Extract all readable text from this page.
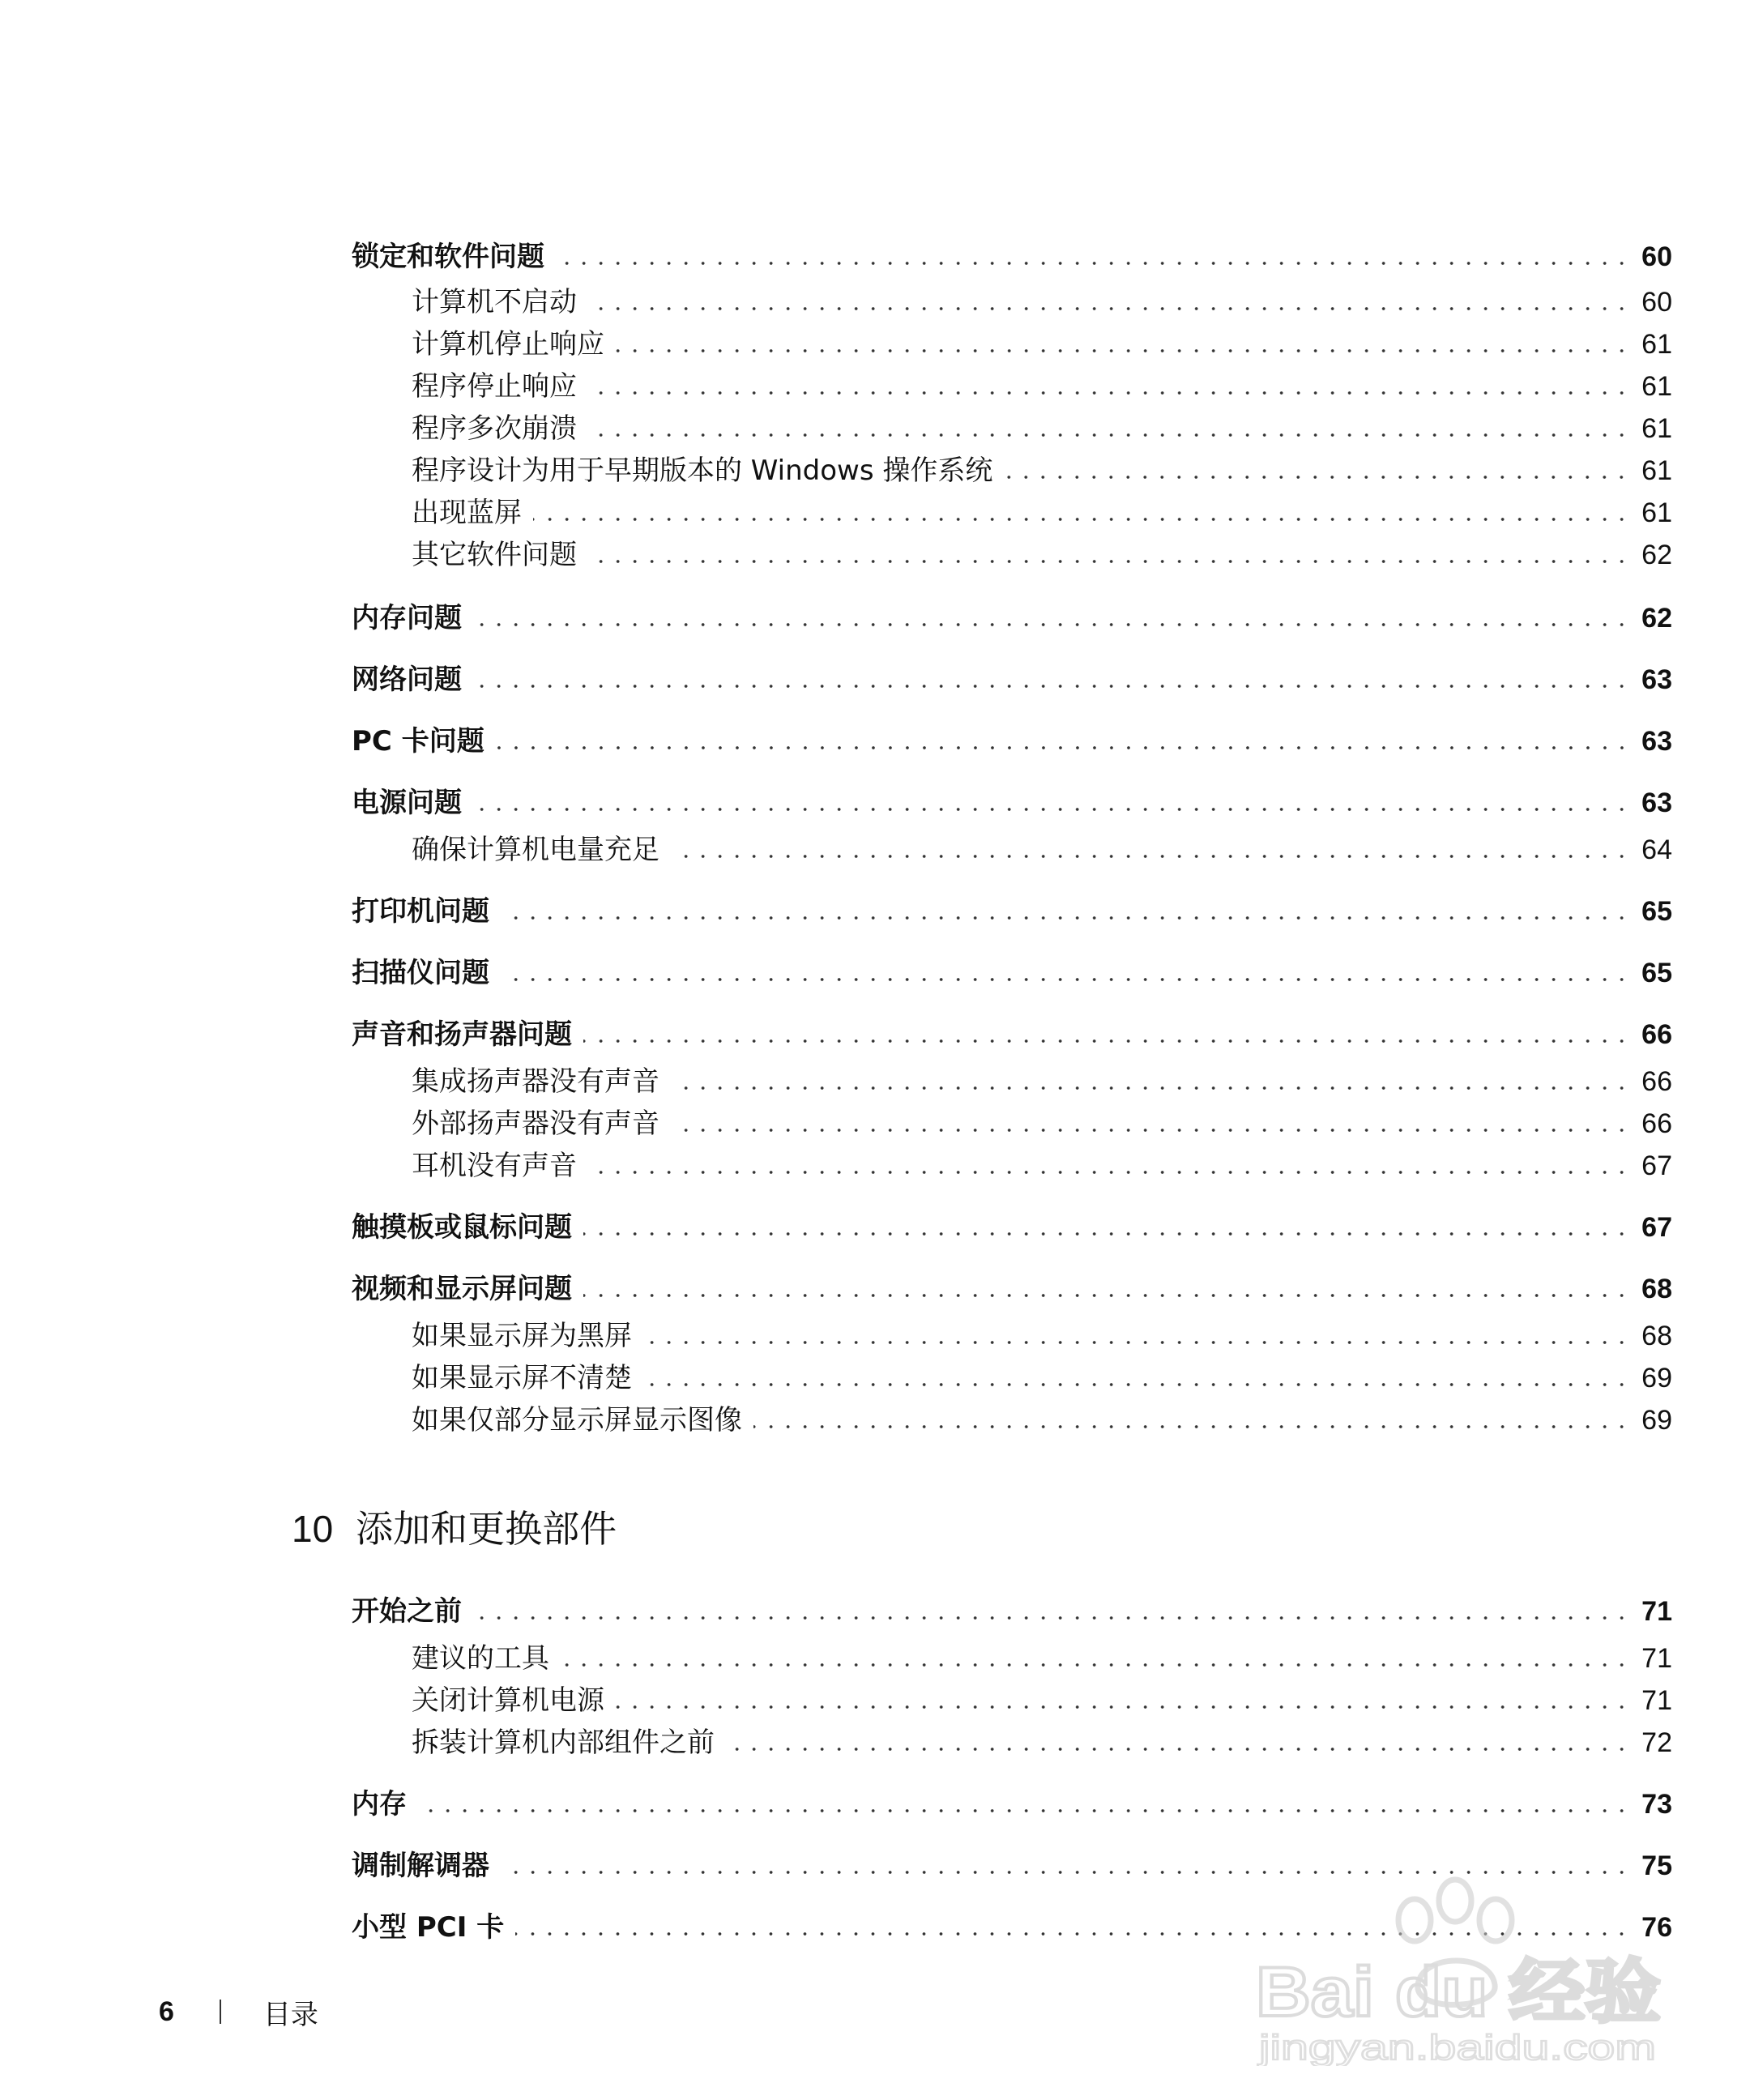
锁定和软件问题	60
计算机不启动	60
计算机停止响应	61
程序停止响应	61
程序多次崩溃	61
程序设计为用于早期版本的 Windows 操作系统	61
出现蓝屏	61
其它软件问题	62
内存问题	62
网络问题	63
PC 卡问题	63
电源问题	63
确保计算机电量充足	64
打印机问题	65
扫描仪问题	65
声音和扬声器问题	66
集成扬声器没有声音	66
外部扬声器没有声音	66
耳机没有声音	67
触摸板或鼠标问题	67
视频和显示屏问题	68
如果显示屏为黑屏	68
如果显示屏不清楚	69
如果仅部分显示屏显示图像	69
10 添加和更换部件
开始之前	71
建议的工具	71
关闭计算机电源	71
拆装计算机内部组件之前	72
内存	73
调制解调器	75
小型 PCI 卡	76
6	目录	Bai du 经验
jingyan.baidu.com
